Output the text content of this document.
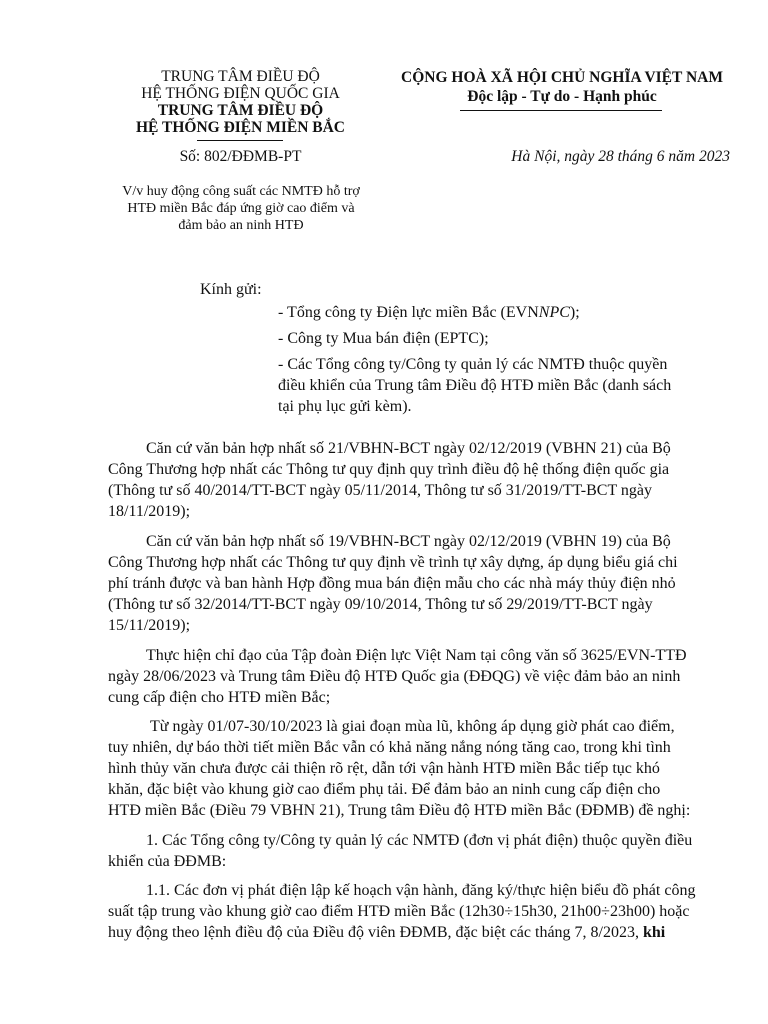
TRUNG TÂM ĐIỀU ĐỘ
HỆ THỐNG ĐIỆN QUỐC GIA
TRUNG TÂM ĐIỀU ĐỘ
HỆ THỐNG ĐIỆN MIỀN BẮC
Số: 802/ĐĐMB-PT
V/v huy động công suất các NMTĐ hỗ trợ
HTĐ miền Bắc đáp ứng giờ cao điểm và
đảm bảo an ninh HTĐ
CỘNG HOÀ XÃ HỘI CHỦ NGHĨA VIỆT NAM
Độc lập - Tự do - Hạnh phúc
Hà Nội, ngày 28 tháng 6 năm 2023
Kính gửi:

- Tổng công ty Điện lực miền Bắc (EVNNPC);

- Công ty Mua bán điện (EPTC);

- Các Tổng công ty/Công ty quản lý các NMTĐ thuộc quyền
điều khiển của Trung tâm Điều độ HTĐ miền Bắc (danh sách
tại phụ lục gửi kèm).

Căn cứ văn bản hợp nhất số 21/VBHN-BCT ngày 02/12/2019 (VBHN 21) của Bộ
Công Thương hợp nhất các Thông tư quy định quy trình điều độ hệ thống điện quốc gia
(Thông tư số 40/2014/TT-BCT ngày 05/11/2014, Thông tư số 31/2019/TT-BCT ngày
18/11/2019);
Căn cứ văn bản hợp nhất số 19/VBHN-BCT ngày 02/12/2019 (VBHN 19) của Bộ
Công Thương hợp nhất các Thông tư quy định về trình tự xây dựng, áp dụng biểu giá chi
phí tránh được và ban hành Hợp đồng mua bán điện mẫu cho các nhà máy thủy điện nhỏ
(Thông tư số 32/2014/TT-BCT ngày 09/10/2014, Thông tư số 29/2019/TT-BCT ngày
15/11/2019);
Thực hiện chỉ đạo của Tập đoàn Điện lực Việt Nam tại công văn số 3625/EVN-TTĐ
ngày 28/06/2023 và Trung tâm Điều độ HTĐ Quốc gia (ĐĐQG) về việc đảm bảo an ninh
cung cấp điện cho HTĐ miền Bắc;
Từ ngày 01/07-30/10/2023 là giai đoạn mùa lũ, không áp dụng giờ phát cao điểm,
tuy nhiên, dự báo thời tiết miền Bắc vẫn có khả năng nắng nóng tăng cao, trong khi tình
hình thủy văn chưa được cải thiện rõ rệt, dẫn tới vận hành HTĐ miền Bắc tiếp tục khó
khăn, đặc biệt vào khung giờ cao điểm phụ tải. Để đảm bảo an ninh cung cấp điện cho
HTĐ miền Bắc (Điều 79 VBHN 21), Trung tâm Điều độ HTĐ miền Bắc (ĐĐMB) đề nghị:
1. Các Tổng công ty/Công ty quản lý các NMTĐ (đơn vị phát điện) thuộc quyền điều
khiển của ĐĐMB:
1.1. Các đơn vị phát điện lập kế hoạch vận hành, đăng ký/thực hiện biểu đồ phát công
suất tập trung vào khung giờ cao điểm HTĐ miền Bắc (12h30÷15h30, 21h00÷23h00) hoặc
huy động theo lệnh điều độ của Điều độ viên ĐĐMB, đặc biệt các tháng 7, 8/2023, khi
